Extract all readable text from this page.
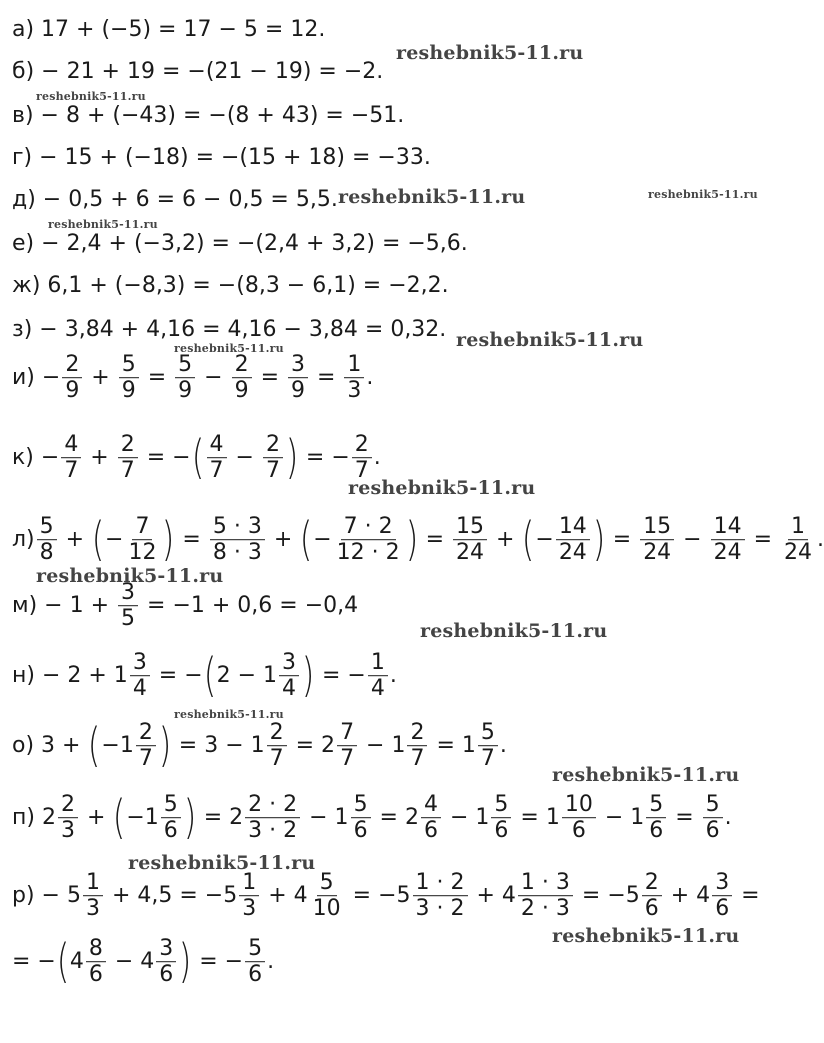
а) 17 + (−5) = 17 − 5 = 12.
б) − 21 + 19 = −(21 − 19) = −2.
в) − 8 + (−43) = −(8 + 43) = −51.
г) − 15 + (−18) = −(15 + 18) = −33.
д) − 0,5 + 6 = 6 − 0,5 = 5,5.
е) − 2,4 + (−3,2) = −(2,4 + 3,2) = −5,6.
ж) 6,1 + (−8,3) = −(8,3 − 6,1) = −2,2.
з) − 3,84 + 4,16 = 4,16 − 3,84 = 0,32.
$и) - \frac{2}{9} + \frac{5}{9} = \frac{5}{9} - \frac{2}{9} = \frac{3}{9} = \frac{1}{3}$ .
$к) - \frac{4}{7} + \frac{2}{7}$ = − ( $\frac{4}{7} - \frac{2}{7}$ ) = − $\frac{2}{7}$ .
$л) \frac{5}{8}$ + ( − $\frac{7}{12}$ ) = $\frac{5 \cdot 3}{8 \cdot 3}$ + ( − $\frac{7 \cdot 2}{12 \cdot 2}$ ) = $\frac{15}{24}$ + ( − $\frac{14}{24}$ ) = $\frac{15}{24} - \frac{14}{24} = \frac{1}{24}$ .
$м) - 1 + \frac{3}{5} = -1 + 0,6 = -0,4$
$н) - 2 + 1 \frac{3}{4}$ = − ( $2 - 1 \frac{3}{4}$ ) = − $\frac{1}{4}$ .
о) 3 + ( $-1 \frac{2}{7}$ ) = $3 - 1 \frac{2}{7} = 2 \frac{7}{7} - 1 \frac{2}{7} = 1 \frac{5}{7}$ .
п) $2 \frac{2}{3}$ + ( $-1 \frac{5}{6}$ ) = $2 \frac{2 \cdot 2}{3 \cdot 2} - 1 \frac{5}{6} = 2 \frac{4}{6} - 1 \frac{5}{6} = 1 \frac{10}{6} - 1 \frac{5}{6} = \frac{5}{6}$ .
$р) - 5 \frac{1}{3} + 4,5 = -5 \frac{1}{3} + 4 \frac{5}{10} = -5 \frac{1 \cdot 2}{3 \cdot 2} + 4 \frac{1 \cdot 3}{2 \cdot 3} = -5 \frac{2}{6} + 4 \frac{3}{6}$ =
= − ( $4 \frac{8}{6} - 4 \frac{3}{6}$ ) = − $\frac{5}{6}$ .
reshebnik5-11.ru
reshebnik5-11.ru
reshebnik5-11.ru	reshebnik5-11.ru
reshebnik5-11.ru
reshebnik5-11.ru
reshebnik5-11.ru
reshebnik5-11.ru
reshebnik5-11.ru
reshebnik5-11.ru
reshebnik5-11.ru
reshebnik5-11.ru
reshebnik5-11.ru
reshebnik5-11.ru
